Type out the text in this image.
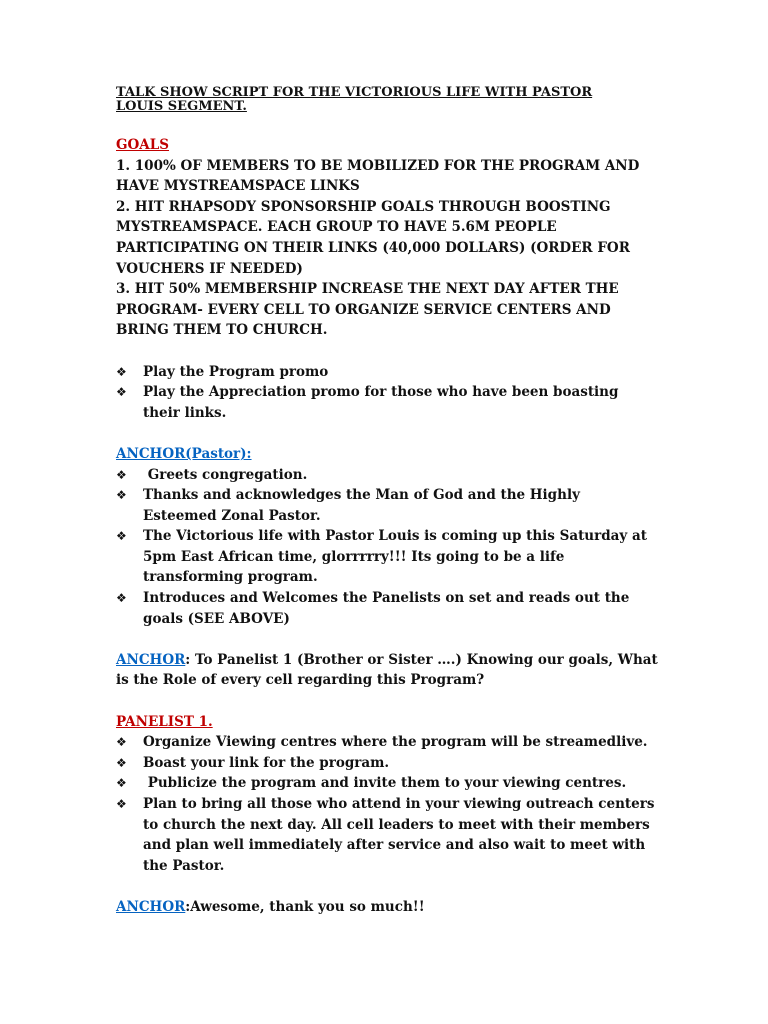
TALK SHOW SCRIPT FOR THE VICTORIOUS LIFE WITH PASTOR LOUIS SEGMENT.

GOALS

1. 100% OF MEMBERS TO BE MOBILIZED FOR THE PROGRAM AND HAVE MYSTREAMSPACE LINKS

2. HIT RHAPSODY SPONSORSHIP GOALS THROUGH BOOSTING MYSTREAMSPACE. EACH GROUP TO HAVE 5.6M PEOPLE PARTICIPATING ON THEIR LINKS (40,000 DOLLARS) (ORDER FOR VOUCHERS IF NEEDED)

3. HIT 50% MEMBERSHIP INCREASE THE NEXT DAY AFTER THE PROGRAM- EVERY CELL TO ORGANIZE SERVICE CENTERS AND BRING THEM TO CHURCH.

❖	Play the Program promo
❖	Play the Appreciation promo for those who have been boasting their links.

ANCHOR(Pastor):

❖	Greets congregation.
❖	Thanks and acknowledges the Man of God and the Highly Esteemed Zonal Pastor.
❖	The Victorious life with Pastor Louis is coming up this Saturday at 5pm East African time, glorrrrry!!! Its going to be a life transforming program.
❖	Introduces and Welcomes the Panelists on set and reads out the goals (SEE ABOVE)

ANCHOR: To Panelist 1 (Brother or Sister ….) Knowing our goals, What is the Role of every cell regarding this Program?

PANELIST 1.

❖	Organize Viewing centres where the program will be streamedlive.
❖	Boast your link for the program.
❖	Publicize the program and invite them to your viewing centres.
❖	Plan to bring all those who attend in your viewing outreach centers to church the next day. All cell leaders to meet with their members and plan well immediately after service and also wait to meet with the Pastor.

ANCHOR:Awesome, thank you so much!!
